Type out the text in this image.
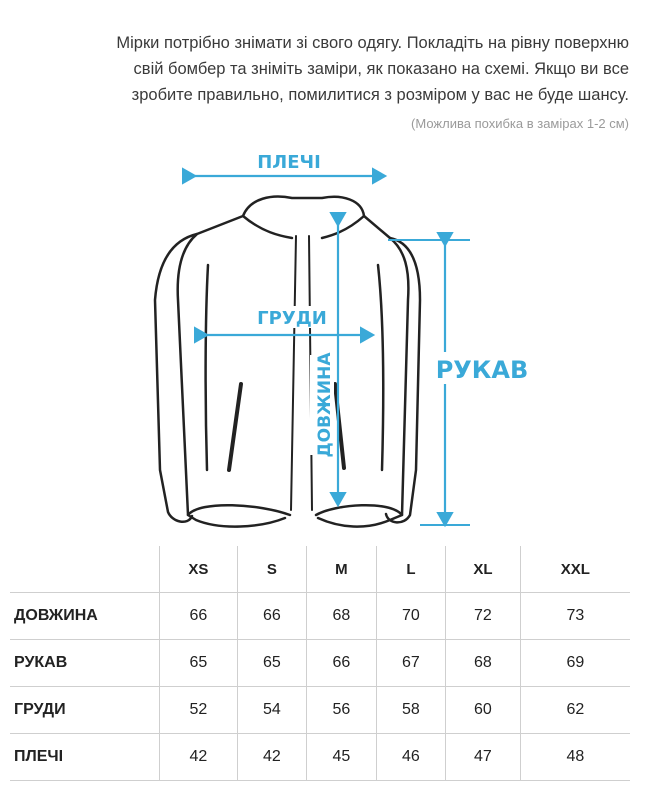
Мірки потрібно знімати зі свого одягу. Покладіть на рівну поверхню

свій бомбер та зніміть заміри, як показано на схемі. Якщо ви все

зробите правильно, помилитися з розміром у вас не буде шансу.

(Можлива похибка в замірах 1-2 см)
ПЛЕЧІ
ГРУДИ
ДОВЖИНА	РУКАВ
	XS	S	M	L	XL	XXL
ДОВЖИНА	66	66	68	70	72	73
РУКАВ	65	65	66	67	68	69
ГРУДИ	52	54	56	58	60	62
ПЛЕЧІ	42	42	45	46	47	48
